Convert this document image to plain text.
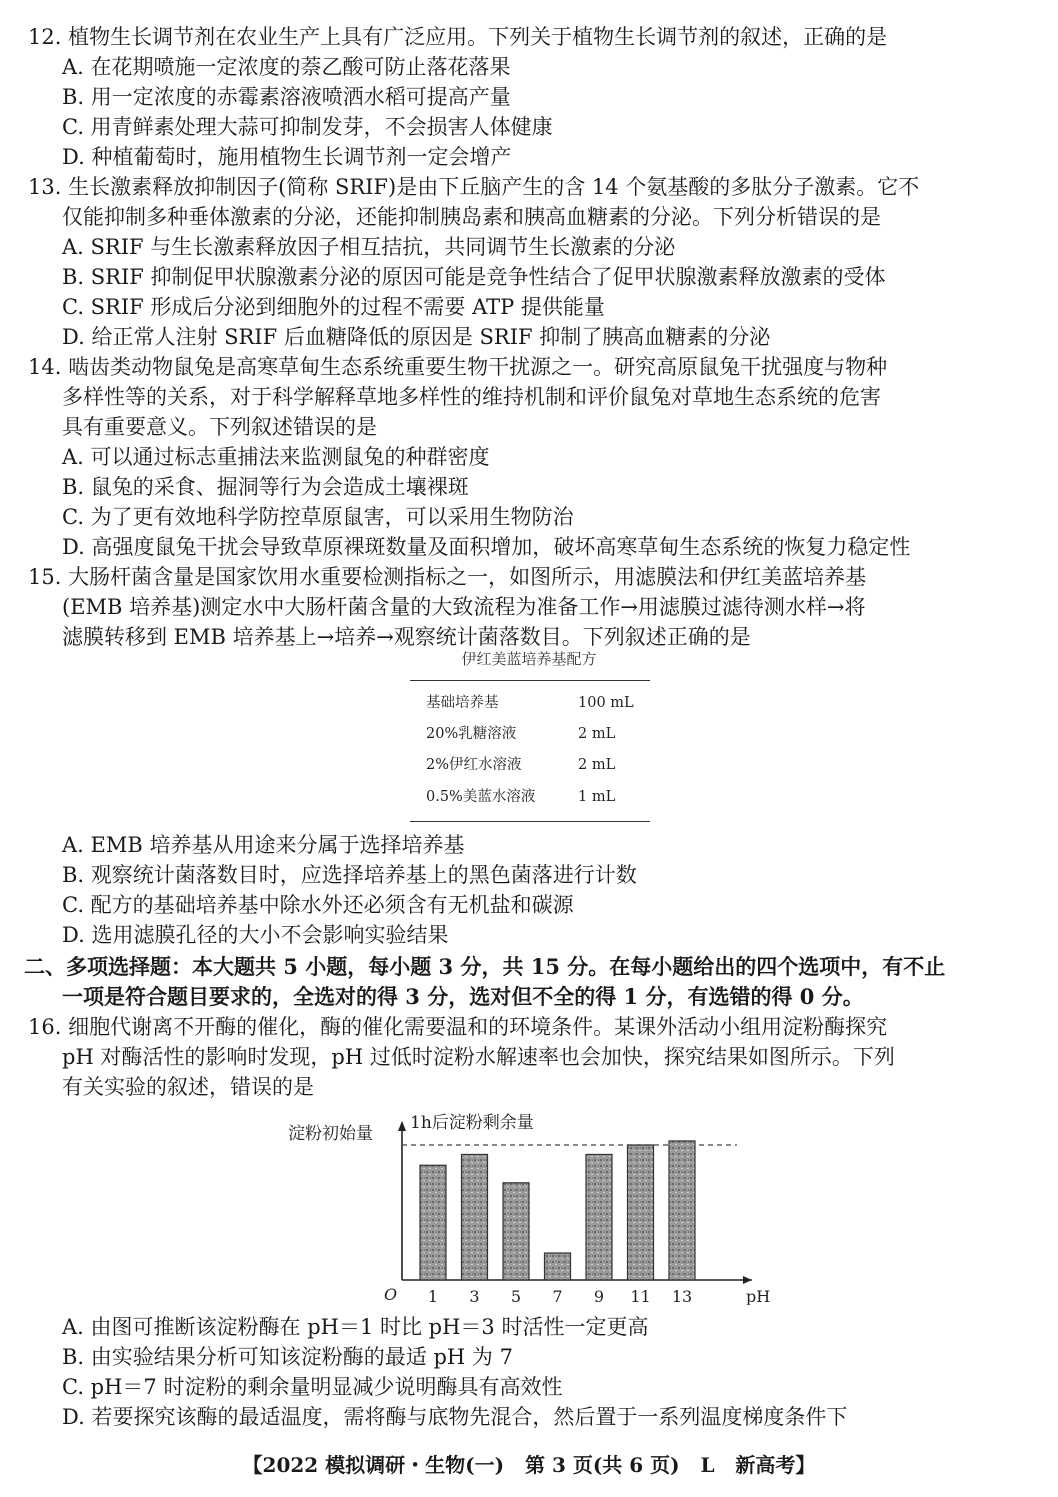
12. 植物生长调节剂在农业生产上具有广泛应用。下列关于植物生长调节剂的叙述，正确的是
A. 在花期喷施一定浓度的萘乙酸可防止落花落果
B. 用一定浓度的赤霉素溶液喷洒水稻可提高产量
C. 用青鲜素处理大蒜可抑制发芽，不会损害人体健康
D. 种植葡萄时，施用植物生长调节剂一定会增产
13. 生长激素释放抑制因子(简称 SRIF)是由下丘脑产生的含 14 个氨基酸的多肽分子激素。它不
仅能抑制多种垂体激素的分泌，还能抑制胰岛素和胰高血糖素的分泌。下列分析错误的是
A. SRIF 与生长激素释放因子相互拮抗，共同调节生长激素的分泌
B. SRIF 抑制促甲状腺激素分泌的原因可能是竞争性结合了促甲状腺激素释放激素的受体
C. SRIF 形成后分泌到细胞外的过程不需要 ATP 提供能量
D. 给正常人注射 SRIF 后血糖降低的原因是 SRIF 抑制了胰高血糖素的分泌
14. 啮齿类动物鼠兔是高寒草甸生态系统重要生物干扰源之一。研究高原鼠兔干扰强度与物种
多样性等的关系，对于科学解释草地多样性的维持机制和评价鼠兔对草地生态系统的危害
具有重要意义。下列叙述错误的是
A. 可以通过标志重捕法来监测鼠兔的种群密度
B. 鼠兔的采食、掘洞等行为会造成土壤裸斑
C. 为了更有效地科学防控草原鼠害，可以采用生物防治
D. 高强度鼠兔干扰会导致草原裸斑数量及面积增加，破坏高寒草甸生态系统的恢复力稳定性
15. 大肠杆菌含量是国家饮用水重要检测指标之一，如图所示，用滤膜法和伊红美蓝培养基
(EMB 培养基)测定水中大肠杆菌含量的大致流程为准备工作→用滤膜过滤待测水样→将
滤膜转移到 EMB 培养基上→培养→观察统计菌落数目。下列叙述正确的是
伊红美蓝培养基配方
基础培养基	100 mL
20%乳糖溶液	2 mL
2%伊红水溶液	2 mL
0.5%美蓝水溶液	1 mL
A. EMB 培养基从用途来分属于选择培养基
B. 观察统计菌落数目时，应选择培养基上的黑色菌落进行计数
C. 配方的基础培养基中除水外还必须含有无机盐和碳源
D. 选用滤膜孔径的大小不会影响实验结果
二、多项选择题：本大题共 5 小题，每小题 3 分，共 15 分。在每小题给出的四个选项中，有不止
一项是符合题目要求的，全选对的得 3 分，选对但不全的得 1 分，有选错的得 0 分。
16. 细胞代谢离不开酶的催化，酶的催化需要温和的环境条件。某课外活动小组用淀粉酶探究
pH 对酶活性的影响时发现，pH 过低时淀粉水解速率也会加快，探究结果如图所示。下列
有关实验的叙述，错误的是
1h后淀粉剩余量
O	pH
淀粉初始量
1 3 5 7 9 11 13
A. 由图可推断该淀粉酶在 pH＝1 时比 pH＝3 时活性一定更高
B. 由实验结果分析可知该淀粉酶的最适 pH 为 7
C. pH＝7 时淀粉的剩余量明显减少说明酶具有高效性
D. 若要探究该酶的最适温度，需将酶与底物先混合，然后置于一系列温度梯度条件下
【2022 模拟调研・生物(一)   第 3 页(共 6 页)   L   新高考】
